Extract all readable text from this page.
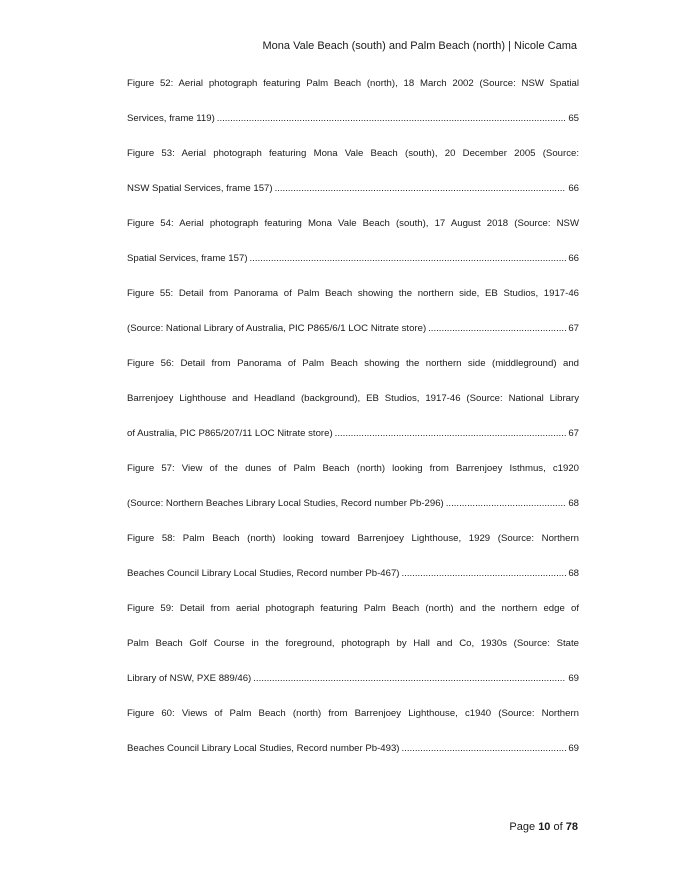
Mona Vale Beach (south) and Palm Beach (north) | Nicole Cama
Figure 52: Aerial photograph featuring Palm Beach (north), 18 March 2002 (Source: NSW Spatial
Services, frame 119) .....	65
Figure 53: Aerial photograph featuring Mona Vale Beach (south), 20 December 2005 (Source:
NSW Spatial Services, frame 157) .....	66
Figure 54: Aerial photograph featuring Mona Vale Beach (south), 17 August 2018 (Source: NSW
Spatial Services, frame 157) .....	66
Figure 55: Detail from Panorama of Palm Beach showing the northern side, EB Studios, 1917-46
(Source: National Library of Australia, PIC P865/6/1 LOC Nitrate store) .....	67
Figure 56: Detail from Panorama of Palm Beach showing the northern side (middleground) and
Barrenjoey Lighthouse and Headland (background), EB Studios, 1917-46 (Source: National Library
of Australia, PIC P865/207/11 LOC Nitrate store) .....	67
Figure 57: View of the dunes of Palm Beach (north) looking from Barrenjoey Isthmus, c1920
(Source: Northern Beaches Library Local Studies, Record number Pb-296) .....	68
Figure 58: Palm Beach (north) looking toward Barrenjoey Lighthouse, 1929 (Source: Northern
Beaches Council Library Local Studies, Record number Pb-467) .....	68
Figure 59: Detail from aerial photograph featuring Palm Beach (north) and the northern edge of
Palm Beach Golf Course in the foreground, photograph by Hall and Co, 1930s (Source: State
Library of NSW, PXE 889/46) .....	69
Figure 60: Views of Palm Beach (north) from Barrenjoey Lighthouse, c1940 (Source: Northern
Beaches Council Library Local Studies, Record number Pb-493) .....	69
Page 10 of 78
